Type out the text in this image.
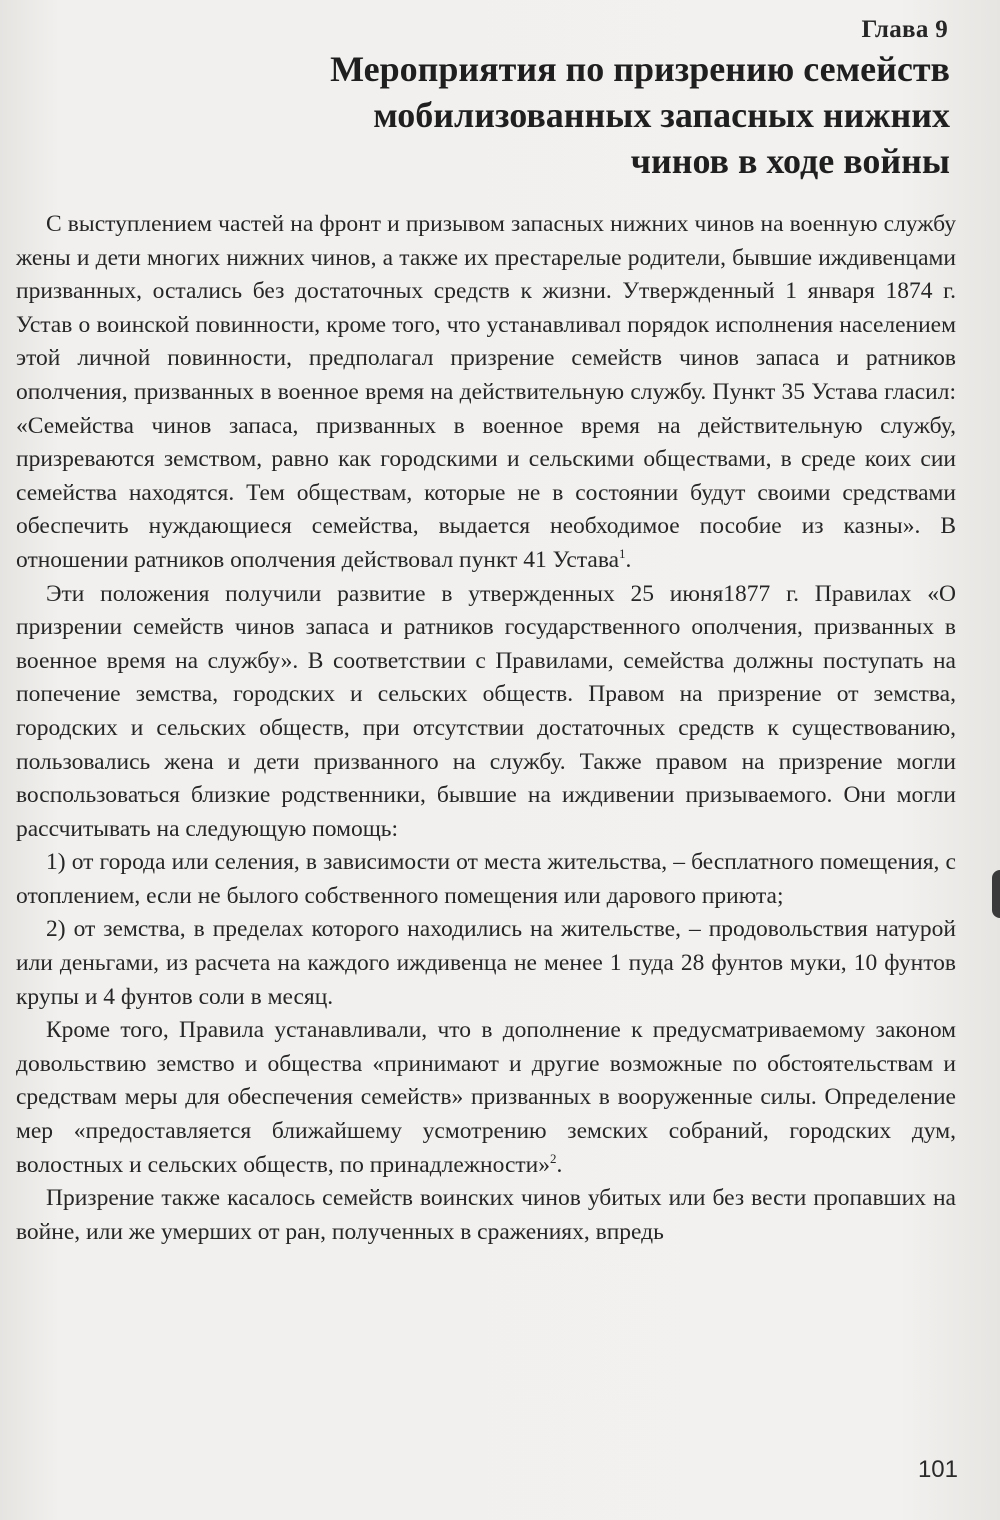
Глава 9
Мероприятия по призрению семейств
мобилизованных запасных нижних
чинов в ходе войны

С выступлением частей на фронт и призывом запасных нижних чинов на военную службу жены и дети многих нижних чинов, а также их престарелые родители, бывшие иждивенцами призванных, остались без достаточных средств к жизни. Утвержденный 1 января 1874 г. Устав о воинской повинности, кроме того, что устанавливал порядок исполнения населением этой личной повинности, предполагал призрение семейств чинов запаса и ратников ополчения, призванных в военное время на действительную службу. Пункт 35 Устава гласил: «Семейства чинов запаса, призванных в военное время на действительную службу, призреваются земством, равно как городскими и сельскими обществами, в среде коих сии семейства находятся. Тем обществам, которые не в состоянии будут своими средствами обеспечить нуждающиеся семейства, выдается необходимое пособие из казны». В отношении ратников ополчения действовал пункт 41 Устава$^1$.

Эти положения получили развитие в утвержденных 25 июня1877 г. Правилах «О призрении семейств чинов запаса и ратников государственного ополчения, призванных в военное время на службу». В соответствии с Правилами, семейства должны поступать на попечение земства, городских и сельских обществ. Правом на призрение от земства, городских и сельских обществ, при отсутствии достаточных средств к существованию, пользовались жена и дети призванного на службу. Также правом на призрение могли воспользоваться близкие родственники, бывшие на иждивении призываемого. Они могли рассчитывать на следующую помощь:

1) от города или селения, в зависимости от места жительства, – бесплатного помещения, с отоплением, если не былого собственного помещения или дарового приюта;

2) от земства, в пределах которого находились на жительстве, – продовольствия натурой или деньгами, из расчета на каждого иждивенца не менее 1 пуда 28 фунтов муки, 10 фунтов крупы и 4 фунтов соли в месяц.

Кроме того, Правила устанавливали, что в дополнение к предусматриваемому законом довольствию земство и общества «принимают и другие возможные по обстоятельствам и средствам меры для обеспечения семейств» призванных в вооруженные силы. Определение мер «предоставляется ближайшему усмотрению земских собраний, городских дум, волостных и сельских обществ, по принадлежности»$^2$.

Призрение также касалось семейств воинских чинов убитых или без вести пропавших на войне, или же умерших от ран, полученных в сражениях, впредь

101
